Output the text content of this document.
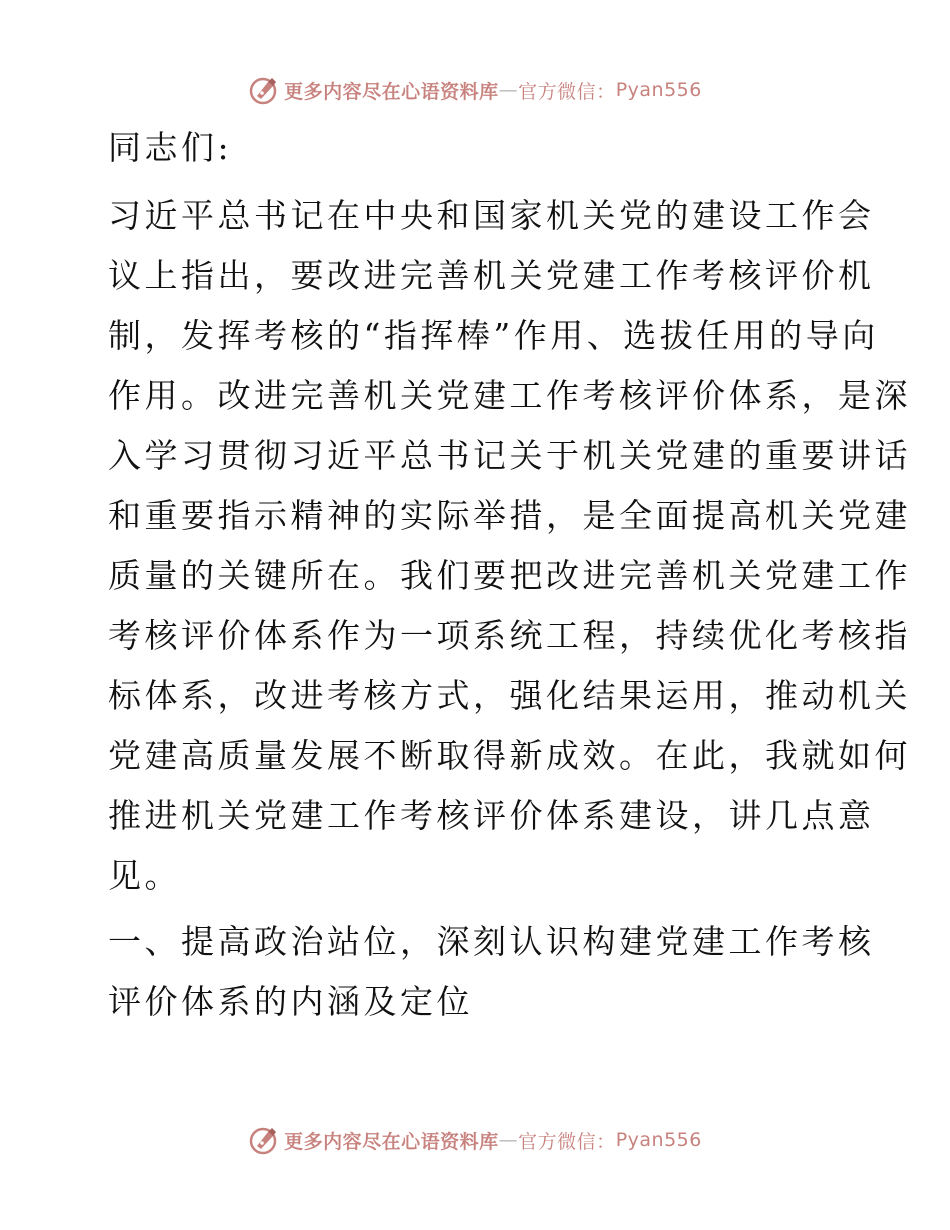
更多内容尽在心语资料库 — 官方微信： Pyan556

同志们:

习近平总书记在中央和国家机关党的建设工作会
议上指出，要改进完善机关党建工作考核评价机
制，发挥考核的“指挥棒”作用、选拔任用的导向
作用。改进完善机关党建工作考核评价体系，是深
入学习贯彻习近平总书记关于机关党建的重要讲话
和重要指示精神的实际举措，是全面提高机关党建
质量的关键所在。我们要把改进完善机关党建工作
考核评价体系作为一项系统工程，持续优化考核指
标体系，改进考核方式，强化结果运用，推动机关
党建高质量发展不断取得新成效。在此，我就如何
推进机关党建工作考核评价体系建设，讲几点意
见。

一、提高政治站位，深刻认识构建党建工作考核
评价体系的内涵及定位

更多内容尽在心语资料库 — 官方微信： Pyan556
